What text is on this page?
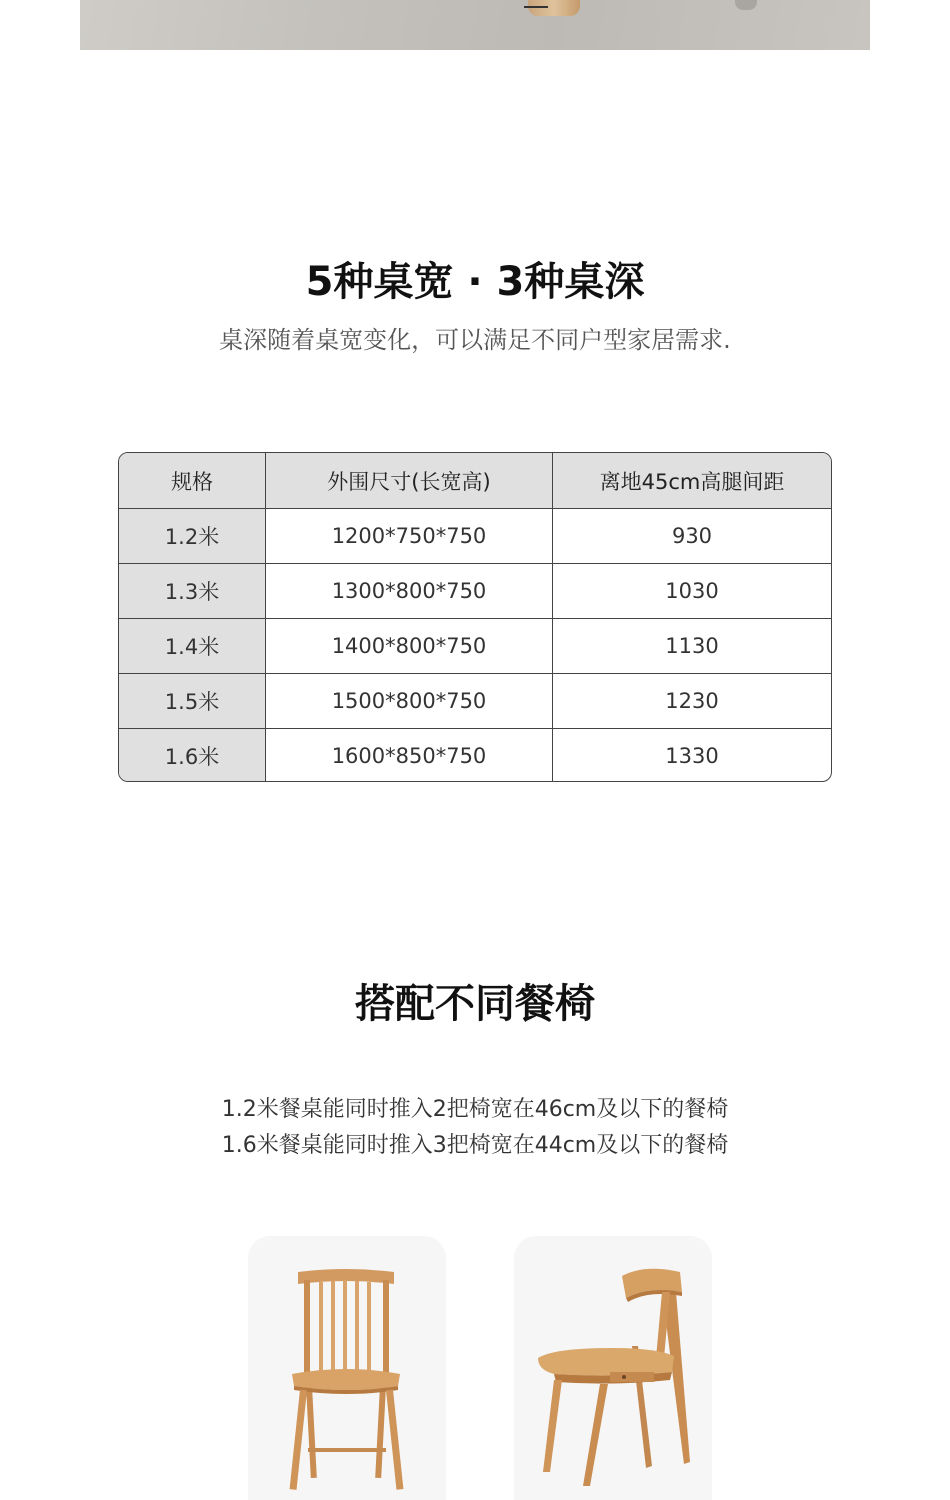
5种桌宽 · 3种桌深
桌深随着桌宽变化，可以满足不同户型家居需求.
规格	外围尺寸(长宽高)	离地45cm高腿间距
1.2米	1200*750*750	930
1.3米	1300*800*750	1030
1.4米	1400*800*750	1130
1.5米	1500*800*750	1230
1.6米	1600*850*750	1330
搭配不同餐椅
1.2米餐桌能同时推入2把椅宽在46cm及以下的餐椅
1.6米餐桌能同时推入3把椅宽在44cm及以下的餐椅
